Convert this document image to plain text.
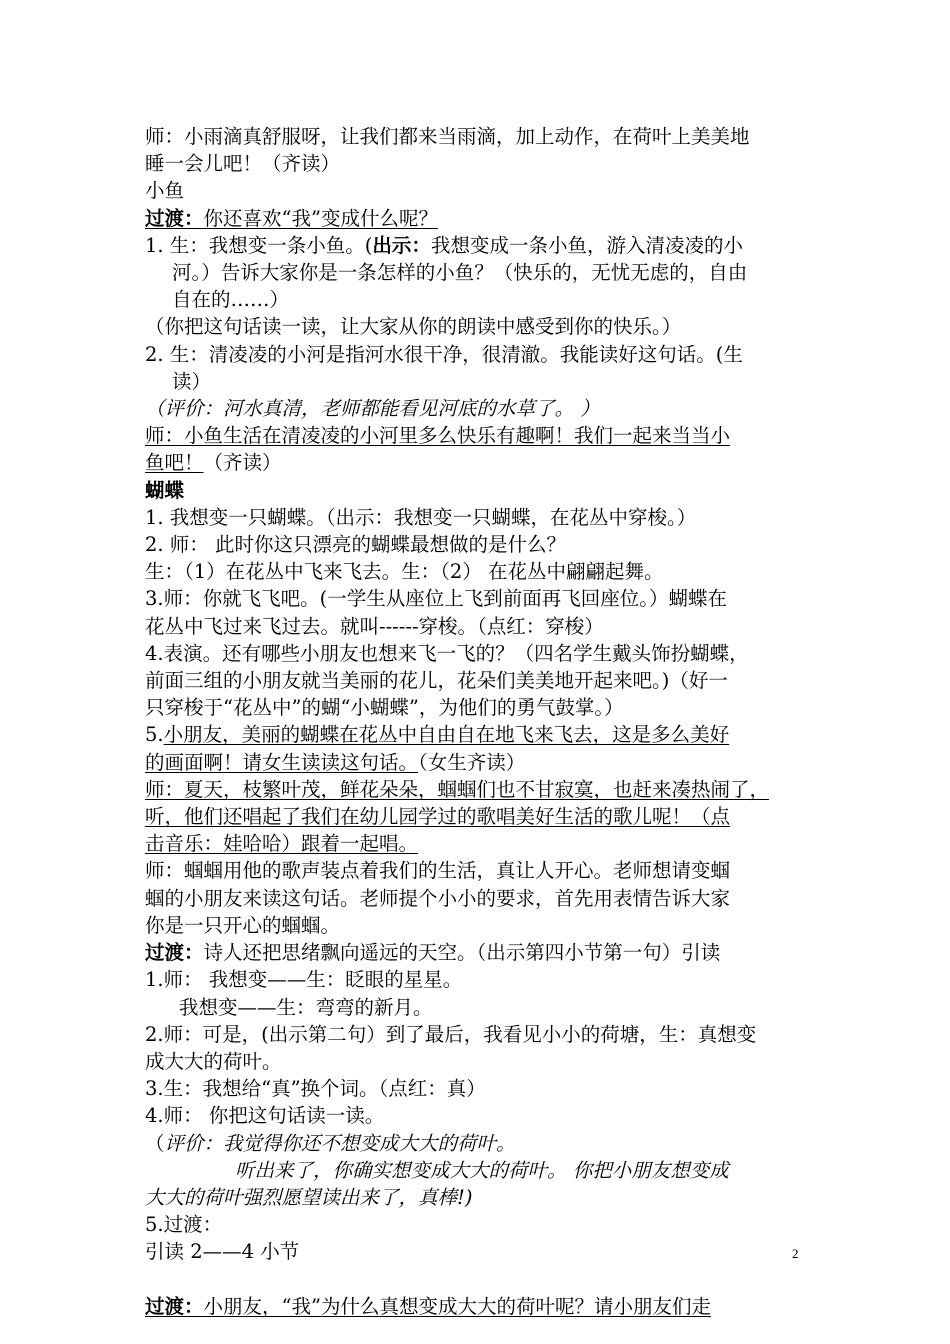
师：小雨滴真舒服呀，让我们都来当雨滴，加上动作，在荷叶上美美地
睡一会儿吧！（齐读）
小鱼
过渡：你还喜欢“我”变成什么呢？
1. 生：我想变一条小鱼。(出示：我想变成一条小鱼，游入清凌凌的小
河。）告诉大家你是一条怎样的小鱼？（快乐的，无忧无虑的，自由
自在的……）
（你把这句话读一读，让大家从你的朗读中感受到你的快乐。）
2. 生：清凌凌的小河是指河水很干净，很清澈。我能读好这句话。(生
读）
（评价：河水真清，老师都能看见河底的水草了。 ）
师：小鱼生活在清凌凌的小河里多么快乐有趣啊！我们一起来当当小
鱼吧！（齐读）
蝴蝶
1. 我想变一只蝴蝶。（出示：我想变一只蝴蝶，在花丛中穿梭。）
2. 师： 此时你这只漂亮的蝴蝶最想做的是什么？
生：（1）在花丛中飞来飞去。生：（2） 在花丛中翩翩起舞。
3.师：你就飞飞吧。(一学生从座位上飞到前面再飞回座位。）蝴蝶在
花丛中飞过来飞过去。就叫------穿梭。（点红：穿梭）
4.表演。还有哪些小朋友也想来飞一飞的？（四名学生戴头饰扮蝴蝶，
前面三组的小朋友就当美丽的花儿，花朵们美美地开起来吧。)（好一
只穿梭于“花丛中”的蝴“小蝴蝶”，为他们的勇气鼓掌。）
5.小朋友，美丽的蝴蝶在花丛中自由自在地飞来飞去，这是多么美好
的画面啊！请女生读读这句话。（女生齐读）
师：夏天，枝繁叶茂，鲜花朵朵，蝈蝈们也不甘寂寞，也赶来凑热闹了，
听，他们还唱起了我们在幼儿园学过的歌唱美好生活的歌儿呢！（点
击音乐：娃哈哈）跟着一起唱。
师：蝈蝈用他的歌声装点着我们的生活，真让人开心。老师想请变蝈
蝈的小朋友来读这句话。老师提个小小的要求，首先用表情告诉大家
你是一只开心的蝈蝈。
过渡：诗人还把思绪飘向遥远的天空。（出示第四小节第一句）引读
1.师： 我想变——生：眨眼的星星。
我想变——生：弯弯的新月。
2.师：可是，(出示第二句）到了最后，我看见小小的荷塘，生：真想变
成大大的荷叶。
3.生：我想给“真”换个词。（点红：真）
4.师： 你把这句话读一读。
（评价：我觉得你还不想变成大大的荷叶。
听出来了，你确实想变成大大的荷叶。 你把小朋友想变成
大大的荷叶强烈愿望读出来了，真棒!)
5.过渡：
引读 2——4 小节
过渡：小朋友，“我”为什么真想变成大大的荷叶呢？请小朋友们走
2
